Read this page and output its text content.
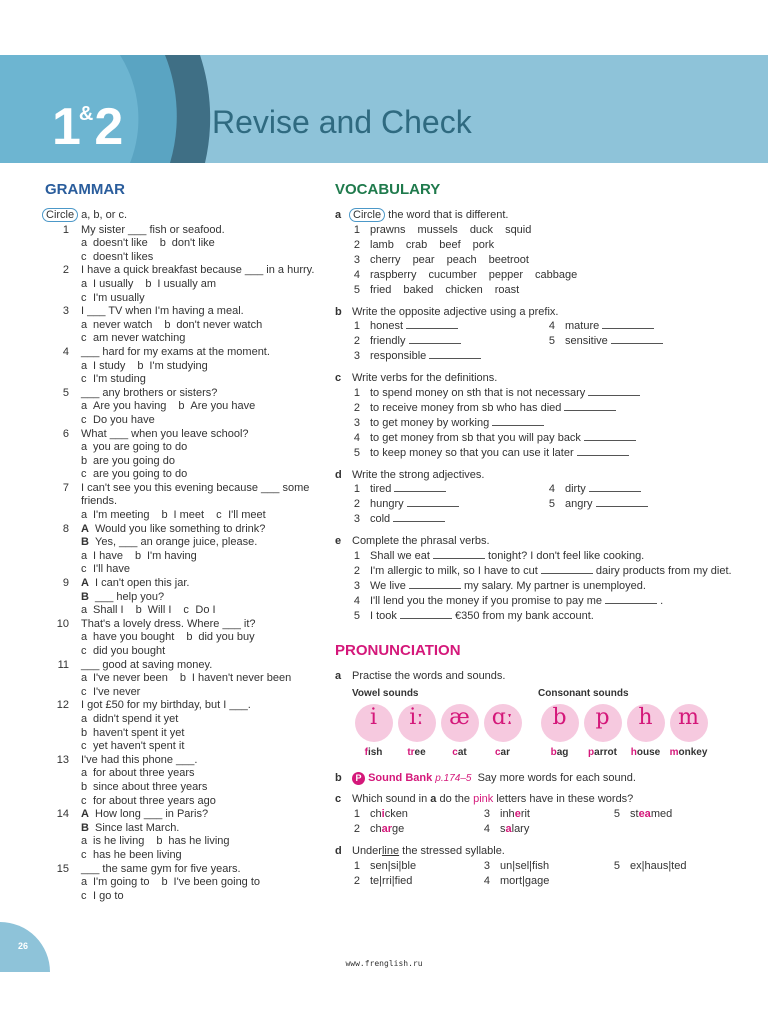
1&2	Revise and Check
GRAMMAR
Circle a, b, or c.
1 My sister ___ fish or seafood.
a doesn't like b don't like
c doesn't likes
2 I have a quick breakfast because ___ in a hurry.
a I usually b I usually am
c I'm usually
3 I ___ TV when I'm having a meal.
a never watch b don't never watch
c am never watching
4 ___ hard for my exams at the moment.
a I study b I'm studying
c I'm studing
5 ___ any brothers or sisters?
a Are you having b Are you have
c Do you have
6 What ___ when you leave school?
a you are going to do
b are you going do
c are you going to do
7 I can't see you this evening because ___ some friends.
a I'm meeting b I meet c I'll meet
8 A Would you like something to drink?
B Yes, ___ an orange juice, please.
a I have b I'm having
c I'll have
9 A I can't open this jar.
B ___ help you?
a Shall I b Will I c Do I
10 That's a lovely dress. Where ___ it?
a have you bought b did you buy
c did you bought
11 ___ good at saving money.
a I've never been b I haven't never been
c I've never
12 I got £50 for my birthday, but I ___.
a didn't spend it yet
b haven't spent it yet
c yet haven't spent it
13 I've had this phone ___.
a for about three years
b since about three years
c for about three years ago
14 A How long ___ in Paris?
B Since last March.
a is he living b has he living
c has he been living
15 ___ the same gym for five years.
a I'm going to b I've been going to
c I go to
VOCABULARY
a Circle the word that is different.
1 prawns mussels duck squid
2 lamb crab beef pork
3 cherry pear peach beetroot
4 raspberry cucumber pepper cabbage
5 fried baked chicken roast
b Write the opposite adjective using a prefix.
1 honest	4 mature
2 friendly	5 sensitive
3 responsible
c Write verbs for the definitions.
1 to spend money on sth that is not necessary
2 to receive money from sb who has died
3 to get money by working
4 to get money from sb that you will pay back
5 to keep money so that you can use it later
d Write the strong adjectives.
1 tired	4 dirty
2 hungry	5 angry
3 cold
e Complete the phrasal verbs.
1 Shall we eat	tonight? I don't feel like cooking.
2 I'm allergic to milk, so I have to cut	dairy products from my diet.
3 We live	my salary. My partner is unemployed.
4 I'll lend you the money if you promise to pay me	.
5 I took	€350 from my bank account.
PRONUNCIATION
a Practise the words and sounds.
Vowel sounds	Consonant sounds
i
fish
iː
tree
æ
cat
ɑː
car
b
bag
p
parrot
h
house
m
monkey
b	P Sound Bank p.174–5 Say more words for each sound.
c Which sound in a do the pink letters have in these words?
1 chicken	3 inherit	5 steamed
2 charge	4 salary
d Underline the stressed syllable.
1 sen|si|ble	3 un|sel|fish	5 ex|haus|ted
2 te|rri|fied	4 mort|gage
26
www.frenglish.ru
